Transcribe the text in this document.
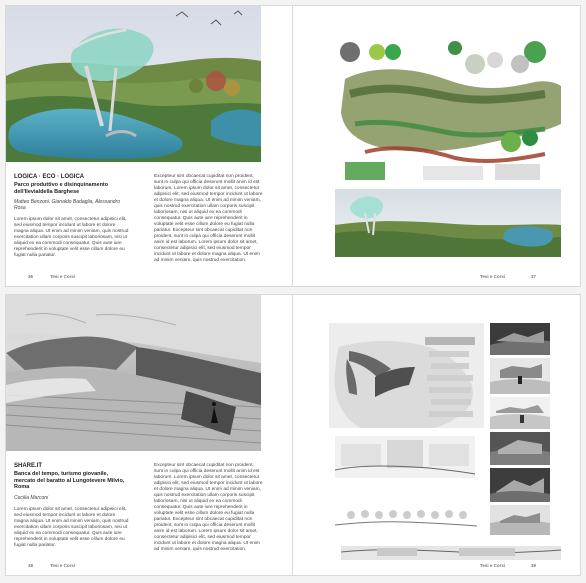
LOGICA · ECO · LOGICA
Parco produttivo e disinquinamento dell'Ilevialdella Barghese
Matteo Benzoni, Gianaldo Badaglia, Alessandro Rosa
Lorem ipsum dolor sit amet, consectetur adipisici elit, sed eiusmod tempor incidunt ut labore et dolore magna aliqua. Ut enim ad minim veniam, quis nostrud exercitation ullam corporis suscipit laboriosam, nisi ut aliquid ex ea commodi consequatur. Quis aute iure reprehenderit in voluptate velit esse cillum dolore eu fugiat nulla pariatur.
Excepteur sint obcaecat cupiditat non proident, sunt in culpa qui officia deserunt mollit anim id est laborum. Lorem ipsum dolor sit amet, consectetur adipisici elit, sed eiusmod tempor incidunt ut labore et dolore magna aliqua. Ut enim ad minim veniam, quis nostrud exercitation ullam corporis suscipit laboriosam, nisi ut aliquid ex ea commodi consequatur. Quis aute iure reprehenderit in voluptate velit esse cillum dolore eu fugiat nulla pariatur. Excepteur sint obcaecat cupiditat non proident, sunt in culpa qui officia deserunt mollit anim id est laborum. Lorem ipsum dolor sit amet, consectetur adipisici elit, sed eiusmod tempor incidunt ut labore et dolore magna aliqua. Ut enim ad minim veniam, quis nostrud exercitation.
36	Tesi e Corsi	Tesi e Corsi	37
SHARE.IT
Banca del tempo, turismo giovanile, mercato del baratto al Lungotevere Milvio, Roma
Cecilia Marconi
Lorem ipsum dolor sit amet, consectetur adipisici elit, sed eiusmod tempor incidunt ut labore et dolore magna aliqua. Ut enim ad minim veniam, quis nostrud exercitation ullam corporis suscipit laboriosam, nisi ut aliquid ex ea commodi consequatur. Quis aute iure reprehenderit in voluptate velit esse cillum dolore eu fugiat nulla pariatur.
Excepteur sint obcaecat cupiditat non proident, sunt in culpa qui officia deserunt mollit anim id est laborum. Lorem ipsum dolor sit amet, consectetur adipisici elit, sed eiusmod tempor incidunt ut labore et dolore magna aliqua. Ut enim ad minim veniam, quis nostrud exercitation ullam corporis suscipit laboriosam, nisi ut aliquid ex ea commodi consequatur. Quis aute iure reprehenderit in voluptate velit esse cillum dolore eu fugiat nulla pariatur. Excepteur sint obcaecat cupiditat non proident, sunt in culpa qui officia deserunt mollit anim id est laborum. Lorem ipsum dolor sit amet, consectetur adipisici elit, sed eiusmod tempor incidunt ut labore et dolore magna aliqua. Ut enim ad minim veniam, quis nostrud exercitation.
38	Tesi e Corsi	Tesi e Corsi	39
